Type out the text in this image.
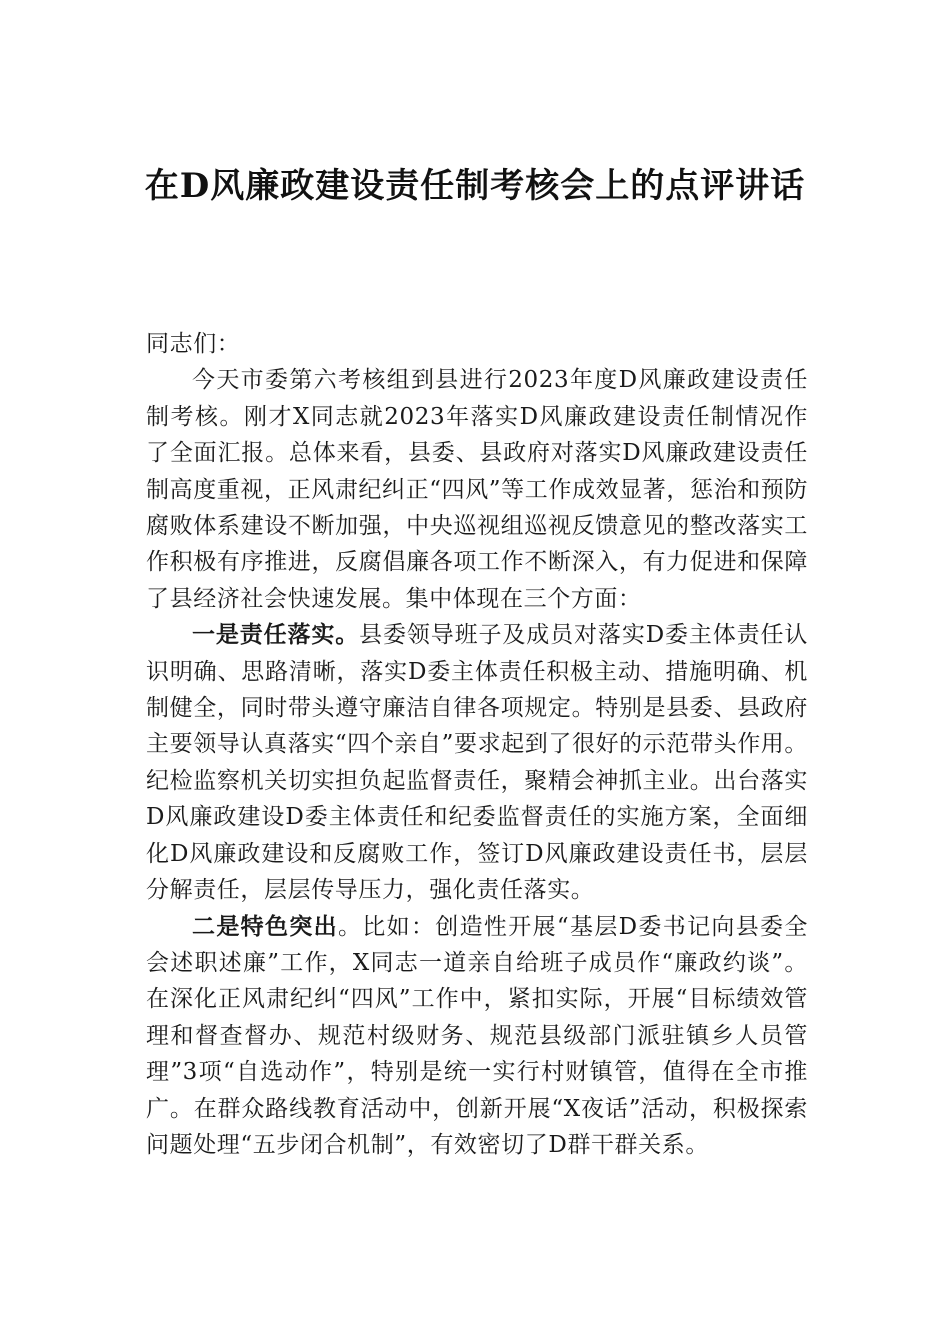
在D风廉政建设责任制考核会上的点评讲话

同志们：

今天市委第六考核组到县进行2023年度D风廉政建设责任制考核。刚才X同志就2023年落实D风廉政建设责任制情况作了全面汇报。总体来看，县委、县政府对落实D风廉政建设责任制高度重视，正风肃纪纠正“四风”等工作成效显著，惩治和预防腐败体系建设不断加强，中央巡视组巡视反馈意见的整改落实工作积极有序推进，反腐倡廉各项工作不断深入，有力促进和保障了县经济社会快速发展。集中体现在三个方面：

一是责任落实。县委领导班子及成员对落实D委主体责任认识明确、思路清晰，落实D委主体责任积极主动、措施明确、机制健全，同时带头遵守廉洁自律各项规定。特别是县委、县政府主要领导认真落实“四个亲自”要求起到了很好的示范带头作用。纪检监察机关切实担负起监督责任，聚精会神抓主业。出台落实D风廉政建设D委主体责任和纪委监督责任的实施方案，全面细化D风廉政建设和反腐败工作，签订D风廉政建设责任书，层层分解责任，层层传导压力，强化责任落实。

二是特色突出。比如：创造性开展“基层D委书记向县委全会述职述廉”工作，X同志一道亲自给班子成员作“廉政约谈”。在深化正风肃纪纠“四风”工作中，紧扣实际，开展“目标绩效管理和督查督办、规范村级财务、规范县级部门派驻镇乡人员管理”3项“自选动作”，特别是统一实行村财镇管，值得在全市推广。在群众路线教育活动中，创新开展“X夜话”活动，积极探索问题处理“五步闭合机制”，有效密切了D群干群关系。
